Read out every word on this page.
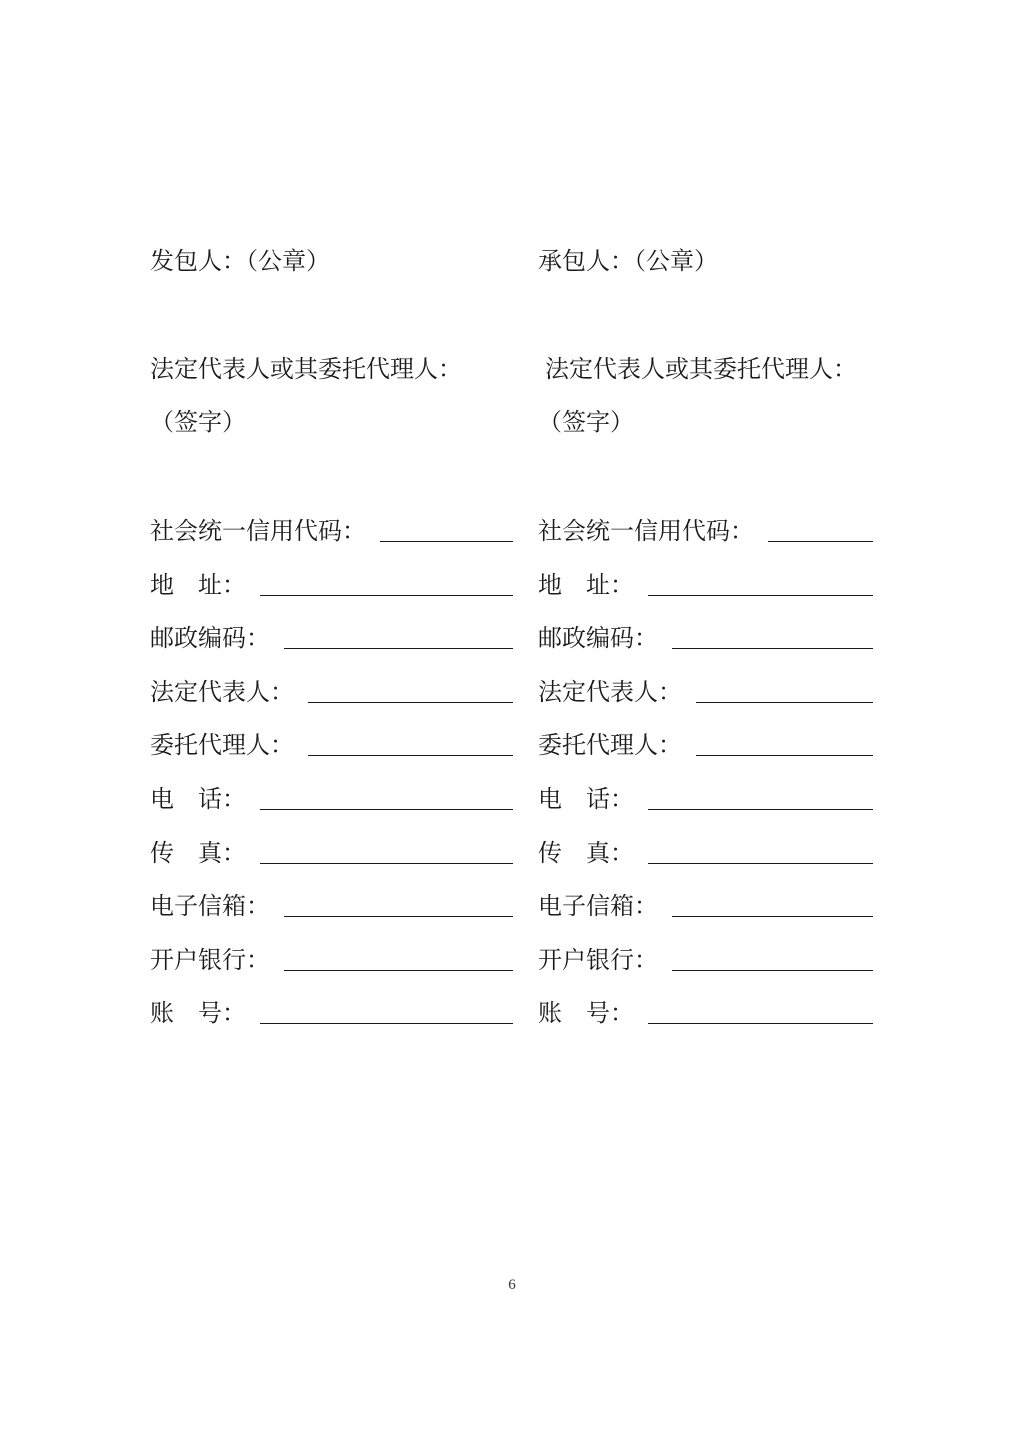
发包人：（公章）
法定代表人或其委托代理人：
（签字）
社会统一信用代码：
地　址：
邮政编码：
法定代表人：
委托代理人：
电　话：
传　真：
电子信箱：
开户银行：
账　号：
承包人：（公章）
法定代表人或其委托代理人：
（签字）
社会统一信用代码：
地　址：
邮政编码：
法定代表人：
委托代理人：
电　话：
传　真：
电子信箱：
开户银行：
账　号：
6
